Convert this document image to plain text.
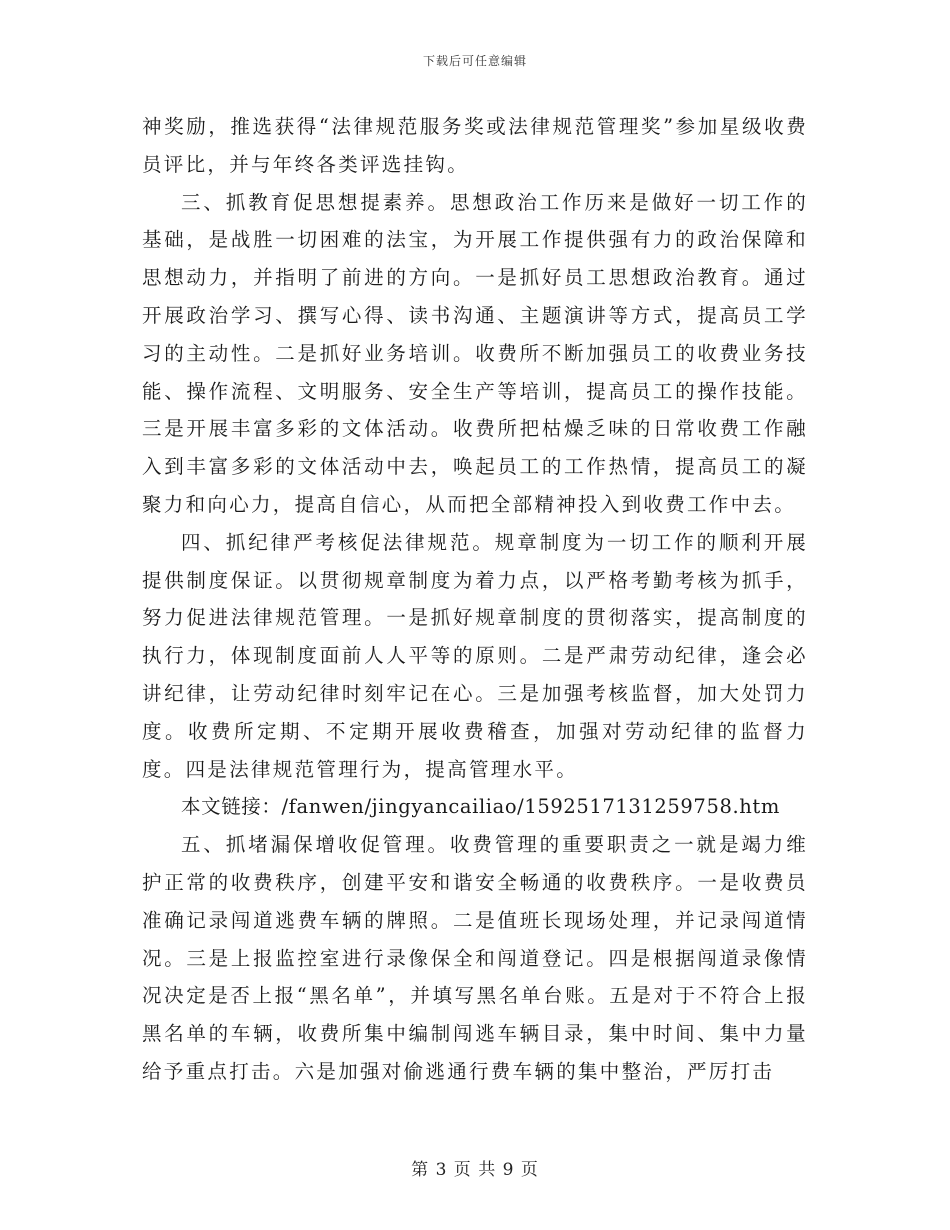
下载后可任意编辑

神奖励，推选获得“法律规范服务奖或法律规范管理奖”参加星级收费员评比，并与年终各类评选挂钩。

三、抓教育促思想提素养。思想政治工作历来是做好一切工作的基础，是战胜一切困难的法宝，为开展工作提供强有力的政治保障和思想动力，并指明了前进的方向。一是抓好员工思想政治教育。通过开展政治学习、撰写心得、读书沟通、主题演讲等方式，提高员工学习的主动性。二是抓好业务培训。收费所不断加强员工的收费业务技能、操作流程、文明服务、安全生产等培训，提高员工的操作技能。三是开展丰富多彩的文体活动。收费所把枯燥乏味的日常收费工作融入到丰富多彩的文体活动中去，唤起员工的工作热情，提高员工的凝聚力和向心力，提高自信心，从而把全部精神投入到收费工作中去。

四、抓纪律严考核促法律规范。规章制度为一切工作的顺利开展提供制度保证。以贯彻规章制度为着力点，以严格考勤考核为抓手，努力促进法律规范管理。一是抓好规章制度的贯彻落实，提高制度的执行力，体现制度面前人人平等的原则。二是严肃劳动纪律，逢会必讲纪律，让劳动纪律时刻牢记在心。三是加强考核监督，加大处罚力度。收费所定期、不定期开展收费稽查，加强对劳动纪律的监督力度。四是法律规范管理行为，提高管理水平。

本文链接：/fanwen/jingyancailiao/1592517131259758.htm

五、抓堵漏保增收促管理。收费管理的重要职责之一就是竭力维护正常的收费秩序，创建平安和谐安全畅通的收费秩序。一是收费员准确记录闯道逃费车辆的牌照。二是值班长现场处理，并记录闯道情况。三是上报监控室进行录像保全和闯道登记。四是根据闯道录像情况决定是否上报“黑名单”，并填写黑名单台账。五是对于不符合上报黑名单的车辆，收费所集中编制闯逃车辆目录，集中时间、集中力量给予重点打击。六是加强对偷逃通行费车辆的集中整治，严厉打击

第 3 页 共 9 页
